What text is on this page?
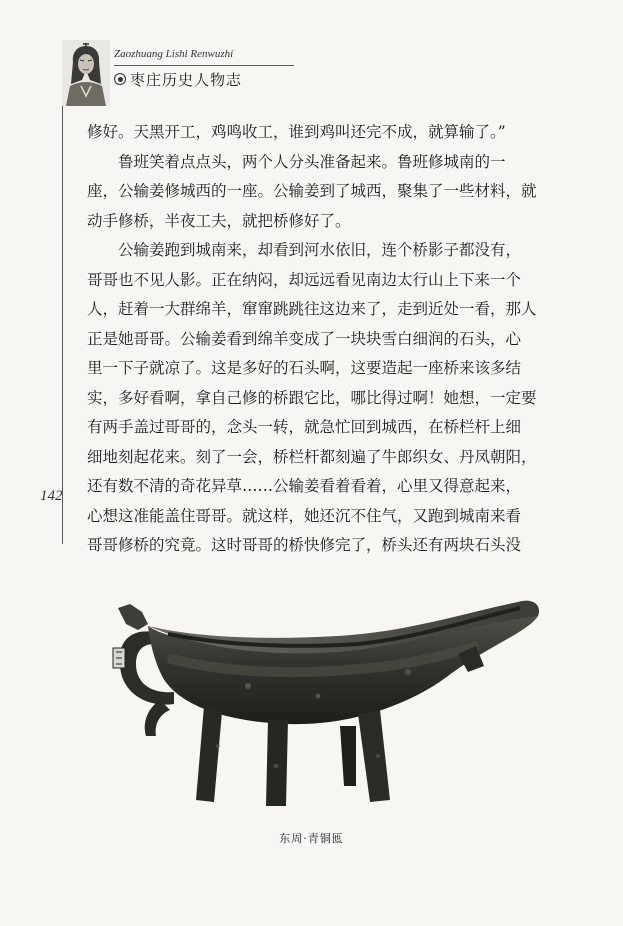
Zaozhuang Lishi Renwuzhi
枣庄历史人物志
142

修好。天黑开工，鸡鸣收工，谁到鸡叫还完不成，就算输了。”

鲁班笑着点点头，两个人分头准备起来。鲁班修城南的一
座，公输姜修城西的一座。公输姜到了城西，聚集了一些材料，就
动手修桥，半夜工夫，就把桥修好了。

公输姜跑到城南来，却看到河水依旧，连个桥影子都没有，
哥哥也不见人影。正在纳闷，却远远看见南边太行山上下来一个
人，赶着一大群绵羊，窜窜跳跳往这边来了，走到近处一看，那人
正是她哥哥。公输姜看到绵羊变成了一块块雪白细润的石头，心
里一下子就凉了。这是多好的石头啊，这要造起一座桥来该多结
实，多好看啊，拿自己修的桥跟它比，哪比得过啊！她想，一定要
有两手盖过哥哥的，念头一转，就急忙回到城西，在桥栏杆上细
细地刻起花来。刻了一会，桥栏杆都刻遍了牛郎织女、丹凤朝阳，
还有数不清的奇花异草……公输姜看着看着，心里又得意起来，
心想这准能盖住哥哥。就这样，她还沉不住气，又跑到城南来看
哥哥修桥的究竟。这时哥哥的桥快修完了，桥头还有两块石头没

东周·青铜匜
